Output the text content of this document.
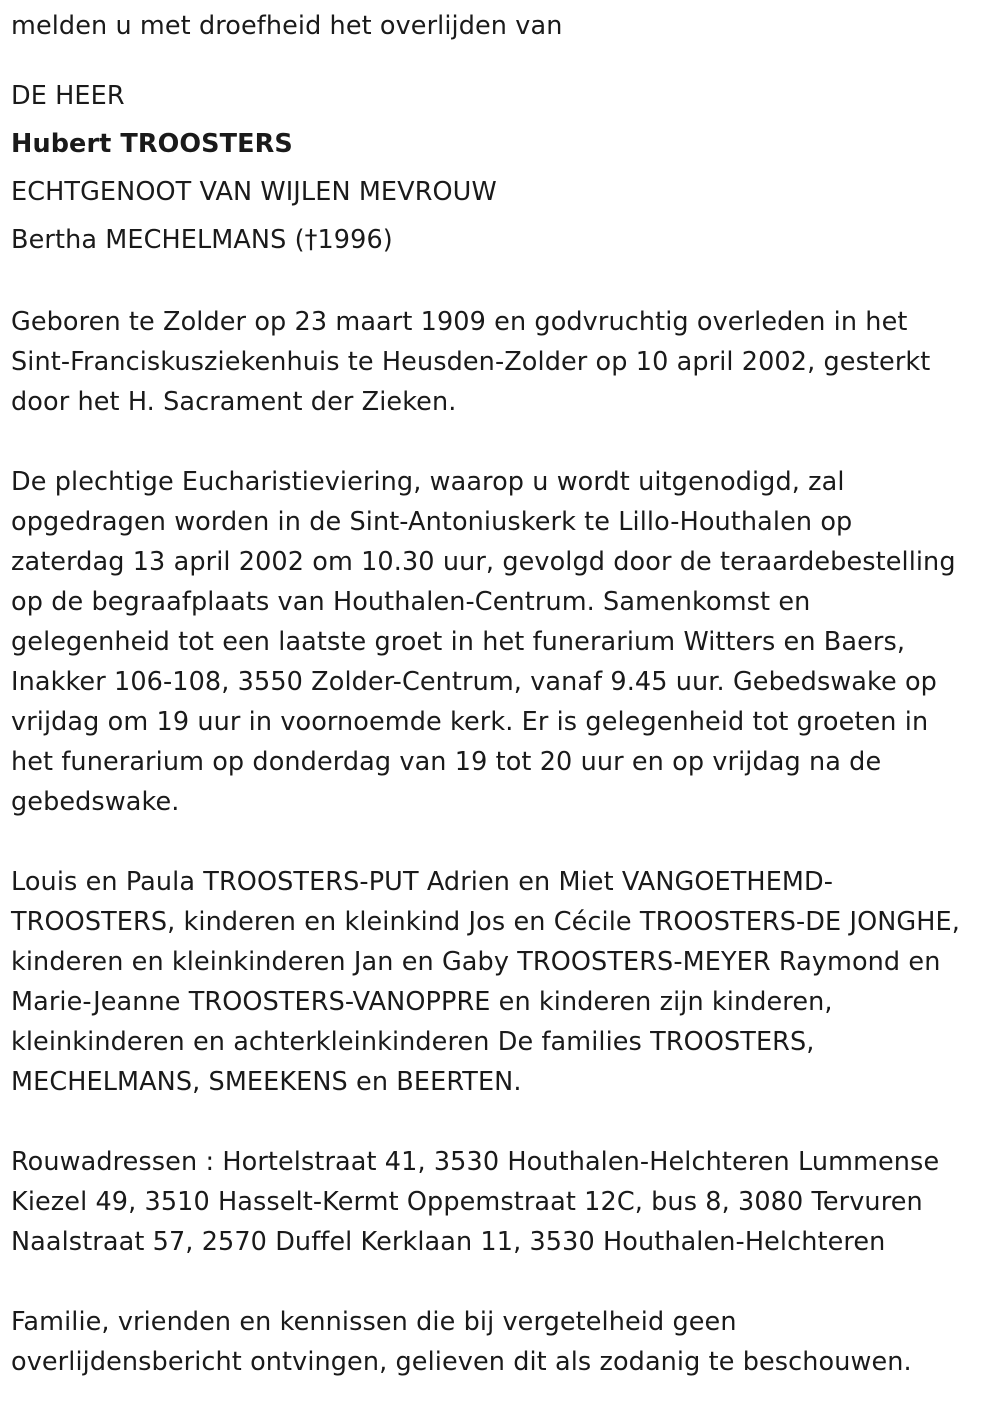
melden u met droefheid het overlijden van

DE HEER

Hubert TROOSTERS

ECHTGENOOT VAN WIJLEN MEVROUW

Bertha MECHELMANS (†1996)

Geboren te Zolder op 23 maart 1909 en godvruchtig overleden in het

Sint-Franciskusziekenhuis te Heusden-Zolder op 10 april 2002, gesterkt

door het H. Sacrament der Zieken.

De plechtige Eucharistieviering, waarop u wordt uitgenodigd, zal

opgedragen worden in de Sint-Antoniuskerk te Lillo-Houthalen op

zaterdag 13 april 2002 om 10.30 uur, gevolgd door de teraardebestelling

op de begraafplaats van Houthalen-Centrum. Samenkomst en

gelegenheid tot een laatste groet in het funerarium Witters en Baers,

Inakker 106-108, 3550 Zolder-Centrum, vanaf 9.45 uur. Gebedswake op

vrijdag om 19 uur in voornoemde kerk. Er is gelegenheid tot groeten in

het funerarium op donderdag van 19 tot 20 uur en op vrijdag na de

gebedswake.

Louis en Paula TROOSTERS-PUT Adrien en Miet VANGOETHEMD-

TROOSTERS, kinderen en kleinkind Jos en Cécile TROOSTERS-DE JONGHE,

kinderen en kleinkinderen Jan en Gaby TROOSTERS-MEYER Raymond en

Marie-Jeanne TROOSTERS-VANOPPRE en kinderen zijn kinderen,

kleinkinderen en achterkleinkinderen De families TROOSTERS,

MECHELMANS, SMEEKENS en BEERTEN.

Rouwadressen : Hortelstraat 41, 3530 Houthalen-Helchteren Lummense

Kiezel 49, 3510 Hasselt-Kermt Oppemstraat 12C, bus 8, 3080 Tervuren

Naalstraat 57, 2570 Duffel Kerklaan 11, 3530 Houthalen-Helchteren

Familie, vrienden en kennissen die bij vergetelheid geen

overlijdensbericht ontvingen, gelieven dit als zodanig te beschouwen.
